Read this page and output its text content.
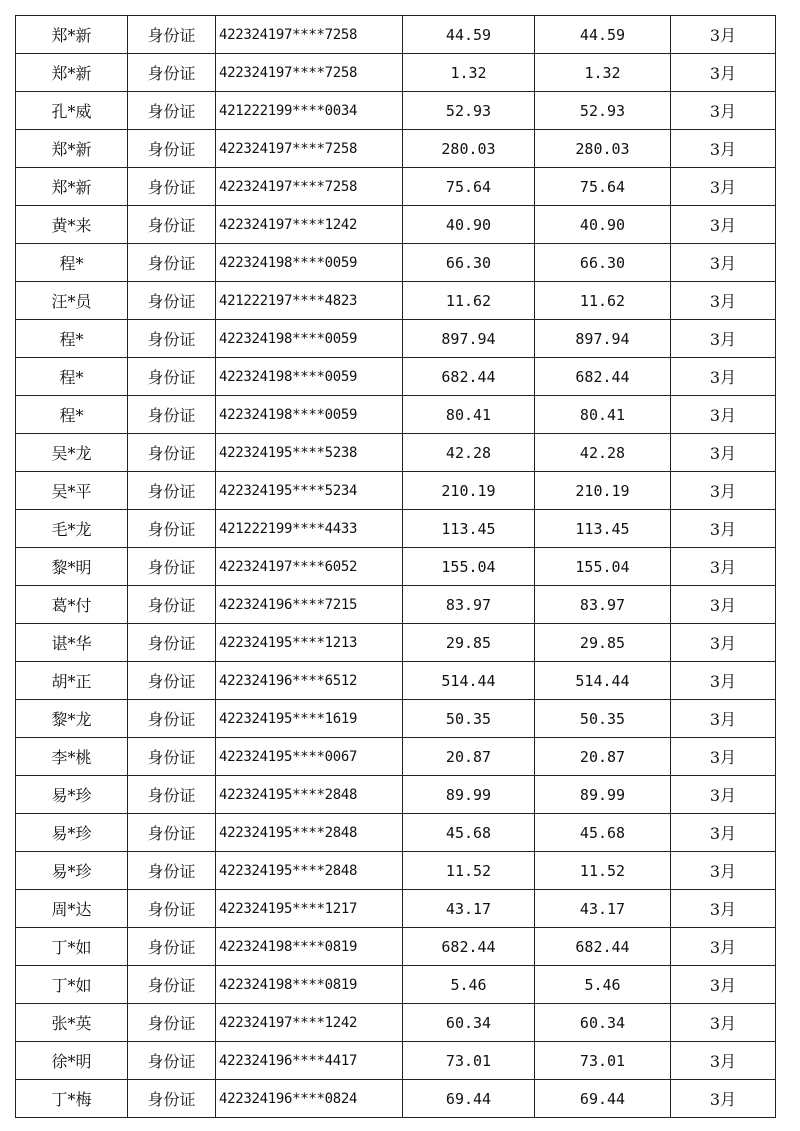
郑*新	身份证	422324197****7258	44.59	44.59	3月
郑*新	身份证	422324197****7258	1.32	1.32	3月
孔*威	身份证	421222199****0034	52.93	52.93	3月
郑*新	身份证	422324197****7258	280.03	280.03	3月
郑*新	身份证	422324197****7258	75.64	75.64	3月
黄*来	身份证	422324197****1242	40.90	40.90	3月
程*	身份证	422324198****0059	66.30	66.30	3月
汪*员	身份证	421222197****4823	11.62	11.62	3月
程*	身份证	422324198****0059	897.94	897.94	3月
程*	身份证	422324198****0059	682.44	682.44	3月
程*	身份证	422324198****0059	80.41	80.41	3月
吴*龙	身份证	422324195****5238	42.28	42.28	3月
吴*平	身份证	422324195****5234	210.19	210.19	3月
毛*龙	身份证	421222199****4433	113.45	113.45	3月
黎*明	身份证	422324197****6052	155.04	155.04	3月
葛*付	身份证	422324196****7215	83.97	83.97	3月
谌*华	身份证	422324195****1213	29.85	29.85	3月
胡*正	身份证	422324196****6512	514.44	514.44	3月
黎*龙	身份证	422324195****1619	50.35	50.35	3月
李*桃	身份证	422324195****0067	20.87	20.87	3月
易*珍	身份证	422324195****2848	89.99	89.99	3月
易*珍	身份证	422324195****2848	45.68	45.68	3月
易*珍	身份证	422324195****2848	11.52	11.52	3月
周*达	身份证	422324195****1217	43.17	43.17	3月
丁*如	身份证	422324198****0819	682.44	682.44	3月
丁*如	身份证	422324198****0819	5.46	5.46	3月
张*英	身份证	422324197****1242	60.34	60.34	3月
徐*明	身份证	422324196****4417	73.01	73.01	3月
丁*梅	身份证	422324196****0824	69.44	69.44	3月
